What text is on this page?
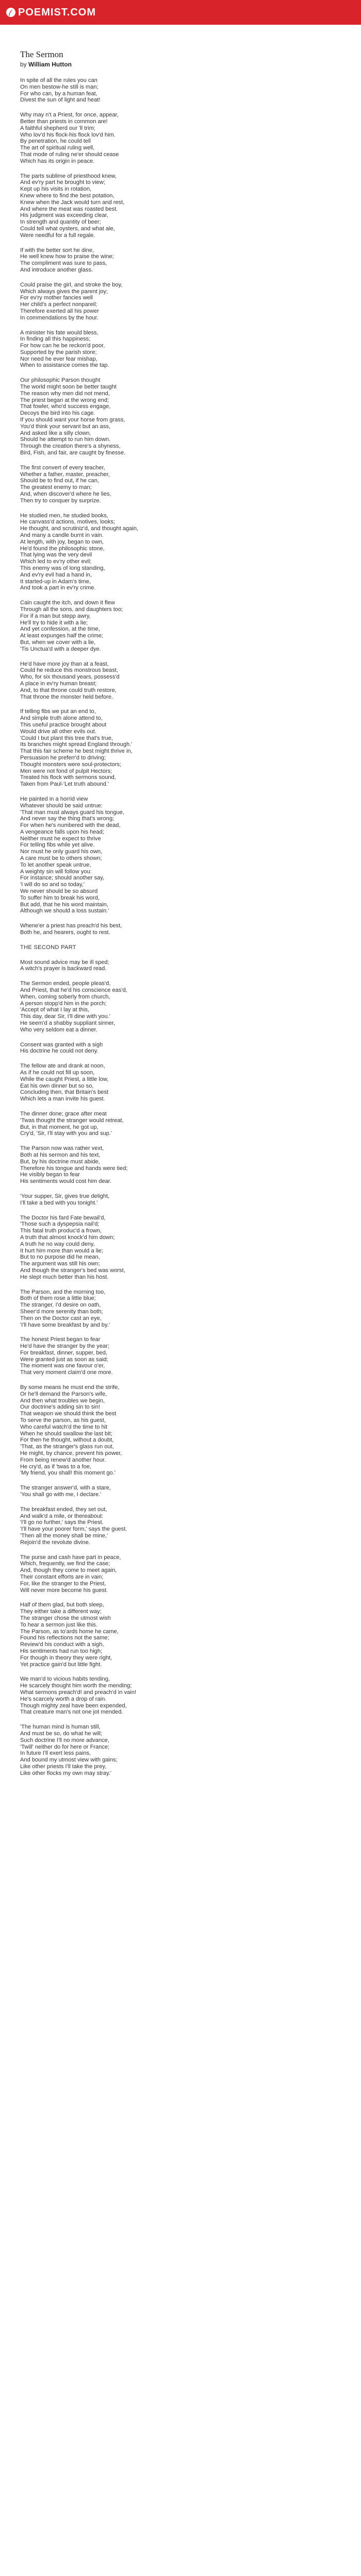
POEMIST.COM
The Sermon
by William Hutton
In spite of all the rules you can
On men bestow-he still is man;
For who can, by a human feat,
Divest the sun of light and heat!
Why may n't a Priest, for once, appear,
Better than priests in common are!
A faithful shepherd our 'll trim;
Who lov'd his flock-his flock lov'd him.
By penetration, he could tell
The art of spiritual ruling well,
That mode of ruling ne'er should cease
Which has its origin in peace.
The parts sublime of priesthood knew,
And ev'ry part he brought to view;
Kept up his visits in rotation,
Knew where to find the best potation,
Knew when the Jack would turn and rest,
And where the meat was roasted best.
His judgment was exceeding clear,
In strength and quantity of beer;
Could tell what oysters, and what ale,
Were needful for a full regale.
If with the better sort he dine,
He well knew how to praise the wine;
The compliment was sure to pass,
And introduce another glass.
Could praise the girl, and stroke the boy,
Which always gives the parent joy;
For ev'ry mother fancies well
Her child's a perfect nonpareil;
Therefore exerted all his power
In commendations by the hour.
A minister his fate would bless,
In finding all this happiness;
For how can he be reckon'd poor,
Supported by the parish store;
Nor need he ever fear mishap,
When to assistance comes the tap.
Our philosophic Parson thought
The world might soon be better taught
The reason why men did not mend,
The priest began at the wrong end;
That fowler, who'd success engage,
Decoys the bird into his cage.
If you should want your horse from grass,
You'd think your servant but an ass,
And asked like a silly clown,
Should he attempt to run him down.
Through the creation there's a shyness,
Bird, Fish, and fair, are caught by finesse.
The first convert of every teacher,
Whether a father, master, preacher,
Should be to find out, if he can,
The greatest enemy to man;
And, when discover'd where he lies,
Then try to conquer by surprize.
He studied men, he studied books,
He canvass'd actions, motives, looks;
He thought, and scrutiniz'd, and thought again,
And many a candle burnt in vain.
At length, with joy, began to own,
He'd found the philosophic stone,
That lying was the very devil
Which led to ev'ry other evil;
This enemy was of long standing,
And ev'ry evil had a hand in,
It started-up in Adam's time,
And took a part in ev'ry crime.
Cain caught the itch, and down it flew
Through all the sons, and daughters too;
For if a man but stepp awry,
He'll try to hide it with a lie;
And yet confession, at the time,
At least expunges half the crime;
But, when we cover with a lie,
'Tis Unctua'd with a deeper dye.
He'd have more joy than at a feast,
Could he reduce this monstrous beast,
Who, for six thousand years, possess'd
A place in ev'ry human breast;
And, to that throne could truth restore,
That throne the monster held before.
If telling fibs we put an end to,
And simple truth alone attend to,
This useful practice brought about
Would drive all other evils out.
'Could I but plant this tree that's true,
Its branches might spread England through.'
That this fair scheme he best might thrive in,
Persuasion he preferr'd to driving;
Thought monsters were soul-protectors;
Men were not fond of pulpit Hectors;
Treated his flock with sermons sound,
Taken from Paul-'Let truth abound.'
He painted in a horrid view
Whatever should be said untrue:
'That man must always guard his tongue,
And never say the thing that's wrong;
For when he's numbered with the dead,
A vengeance falls upon his head;
Neither must he expect to thrive
For telling fibs while yet alive.
Nor must he only guard his own,
A care must be to others shown;
To let another speak untrue,
A weighty sin will follow you:
For instance; should another say,
'I will do so and so today,'
We never should be so absurd
To suffer him to break his word,
But add, that he his word maintain,
Although we should a loss sustain.'
Whene'er a priest has preach'd his best,
Both he, and hearers, ought to rest.
THE SECOND PART
Most sound advice may be ill sped;
A witch's prayer is backward read.
The Sermon ended, people pleas'd,
And Priest, that he'd his conscience eas'd,
When, coming soberly from church,
A person stopp'd him in the porch;
'Accept of what I lay at this,
This day, dear Sir, I'll dine with you.'
He seem'd a shabby suppliant sinner,
Who very seldom eat a dinner.
Consent was granted with a sigh
His doctrine he could not deny.
The fellow ate and drank at noon,
As if he could not fill up soon,
While the caught Priest, a little low,
Eat his own dinner but so so,
Concluding then, that Britain's best
Which lets a man invite his guest.
The dinner done; grace after meat
'Twas thought the stranger would retreat,
But, in that moment, he got up,
Cry'd, 'Sir, I'll stay with you and sup.'
The Parson now was rather vext,
Both at his sermon and his text,
But, by his doctrine must abide,
Therefore his tongue and hands were tied;
He visibly began to fear
His sentiments would cost him dear.
'Your supper, Sir, gives true delight,
I'll take a bed with you tonight.'
The Doctor his fard Fate bewail'd,
'Those such a dyspepsia nail'd;
This fatal truth produc'd a frown,
A truth that almost knock'd him down;
A truth he no way could deny,
It hurt him more than would a lie;
But to no purpose did he mean,
The argument was still his own;
And though the stranger's bed was worst,
He slept much better than his host.
The Parson, and the morning too,
Both of them rose a little blue;
The stranger, I'd desire on oath,
Sheer'd more serenity than both;
Then on the Doctor cast an eye,
'I'll have some breakfast by and by.'
The honest Priest began to fear
He'd have the stranger by the year;
For breakfast, dinner, supper, bed,
Were granted just as soon as said;
The moment was one favour o'er,
That very moment claim'd one more.
By some means he must end the strife,
Or he'll demand the Parson's wife,
And then what troubles we begin,
Our doctrine's adding sin to sin!
That weapon we should think the best
To serve the parson, as his guest,
Who careful watch'd the time to hit
When he should swallow the last bit;
For then he thought, without a doubt,
'That, as the stranger's glass run out,
He might, by chance, prevent his power,
From being renew'd another hour.
He cry'd, as if 'twas to a foe,
'My friend, you shall! this moment go.'
The stranger answer'd, with a stare,
'You shall go with me, I declare.'
The breakfast ended, they set out,
And walk'd a mile, or thereabout:
'I'll go no further,' says the Priest.
'I'll have your poorer form,' says the guest.
'Then all the money shall be mine,'
Rejoin'd the revolute divine.
The purse and cash have part in peace,
Which, frequently, we find the case;
And, though they come to meet again,
Their constant efforts are in vain;
For, like the stranger to the Priest,
Will never more become his guest.
Half of them glad, but both sleep,
They either take a different way;
The stranger chose the utmost wish
To hear a sermon just like this.
The Parson, as to'ards home he came,
Found his reflections not the same;
Review'd his conduct with a sigh,
His sentiments had run too high;
For though in theory they were right,
Yet practice gain'd but little fight.
We man'd to vicious habits tending,
He scarcely thought him worth the mending;
What sermons preach'd! and preach'd in vain!
He's scarcely worth a drop of rain.
Though mighty zeal have been expended,
That creature man's not one jot mended.
'The human mind is human still,
And must be so, do what he will;
Such doctrine I'll no more advance,
'Twill' neither do for here or France;
In future I'll exert less pains,
And bound my utmost view with gains;
Like other priests I'll take the prey,
Like other flocks my own may stray.'
